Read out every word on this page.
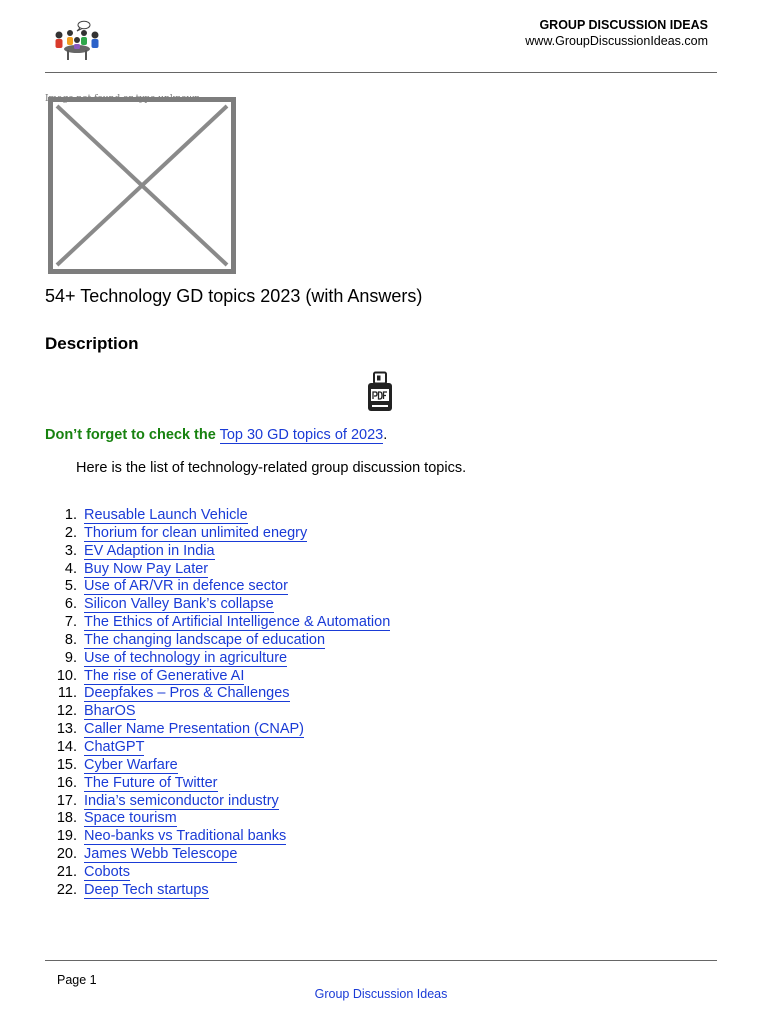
GROUP DISCUSSION IDEAS
www.GroupDiscussionIdeas.com
Image not found or type unknown
54+ Technology GD topics 2023 (with Answers)
Description
Don’t forget to check the Top 30 GD topics of 2023.

Here is the list of technology-related group discussion topics.

1. Reusable Launch Vehicle
2. Thorium for clean unlimited enegry
3. EV Adaption in India
4. Buy Now Pay Later
5. Use of AR/VR in defence sector
6. Silicon Valley Bank’s collapse
7. The Ethics of Artificial Intelligence & Automation
8. The changing landscape of education
9. Use of technology in agriculture
10. The rise of Generative AI
11. Deepfakes – Pros & Challenges
12. BharOS
13. Caller Name Presentation (CNAP)
14. ChatGPT
15. Cyber Warfare
16. The Future of Twitter
17. India’s semiconductor industry
18. Space tourism
19. Neo-banks vs Traditional banks
20. James Webb Telescope
21. Cobots
22. Deep Tech startups
Page 1
Group Discussion Ideas
